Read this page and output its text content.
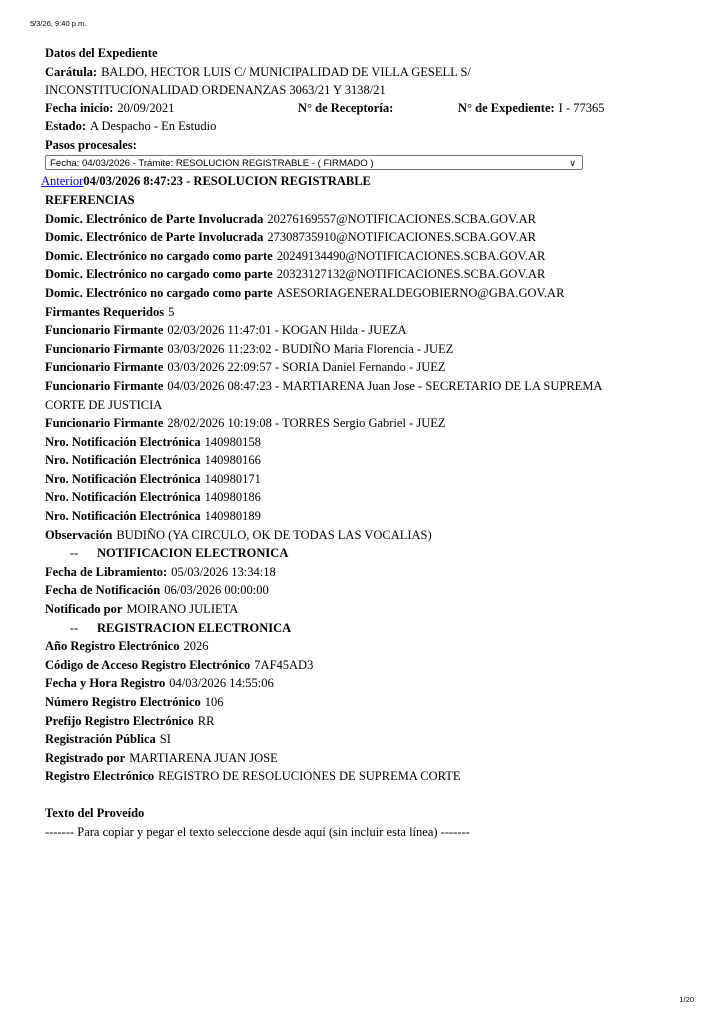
5/3/26, 9:40 p.m.
Datos del Expediente
Carátula: BALDO, HECTOR LUIS C/ MUNICIPALIDAD DE VILLA GESELL S/
INCONSTITUCIONALIDAD ORDENANZAS 3063/21 Y 3138/21
Fecha inicio: 20/09/2021	N° de Receptoría:	N° de Expediente: I - 77365
Estado: A Despacho - En Estudio
Pasos procesales:
Fecha: 04/03/2026 - Trámite: RESOLUCION REGISTRABLE - ( FIRMADO )	∨
Anterior04/03/2026 8:47:23 - RESOLUCION REGISTRABLE
REFERENCIAS
Domic. Electrónico de Parte Involucrada 20276169557@NOTIFICACIONES.SCBA.GOV.AR
Domic. Electrónico de Parte Involucrada 27308735910@NOTIFICACIONES.SCBA.GOV.AR
Domic. Electrónico no cargado como parte 20249134490@NOTIFICACIONES.SCBA.GOV.AR
Domic. Electrónico no cargado como parte 20323127132@NOTIFICACIONES.SCBA.GOV.AR
Domic. Electrónico no cargado como parte ASESORIAGENERALDEGOBIERNO@GBA.GOV.AR
Firmantes Requeridos 5
Funcionario Firmante 02/03/2026 11:47:01 - KOGAN Hilda - JUEZA
Funcionario Firmante 03/03/2026 11:23:02 - BUDIÑO Maria Florencia - JUEZ
Funcionario Firmante 03/03/2026 22:09:57 - SORIA Daniel Fernando - JUEZ
Funcionario Firmante 04/03/2026 08:47:23 - MARTIARENA Juan Jose - SECRETARIO DE LA SUPREMA
CORTE DE JUSTICIA
Funcionario Firmante 28/02/2026 10:19:08 - TORRES Sergio Gabriel - JUEZ
Nro. Notificación Electrónica 140980158
Nro. Notificación Electrónica 140980166
Nro. Notificación Electrónica 140980171
Nro. Notificación Electrónica 140980186
Nro. Notificación Electrónica 140980189
Observación BUDIÑO (YA CIRCULO, OK DE TODAS LAS VOCALIAS)
-- NOTIFICACION ELECTRONICA
Fecha de Libramiento: 05/03/2026 13:34:18
Fecha de Notificación 06/03/2026 00:00:00
Notificado por MOIRANO JULIETA
-- REGISTRACION ELECTRONICA
Año Registro Electrónico 2026
Código de Acceso Registro Electrónico 7AF45AD3
Fecha y Hora Registro 04/03/2026 14:55:06
Número Registro Electrónico 106
Prefijo Registro Electrónico RR
Registración Pública SI
Registrado por MARTIARENA JUAN JOSE
Registro Electrónico REGISTRO DE RESOLUCIONES DE SUPREMA CORTE
Texto del Proveído
------- Para copiar y pegar el texto seleccione desde aquí (sin incluir esta línea) -------
1/20
